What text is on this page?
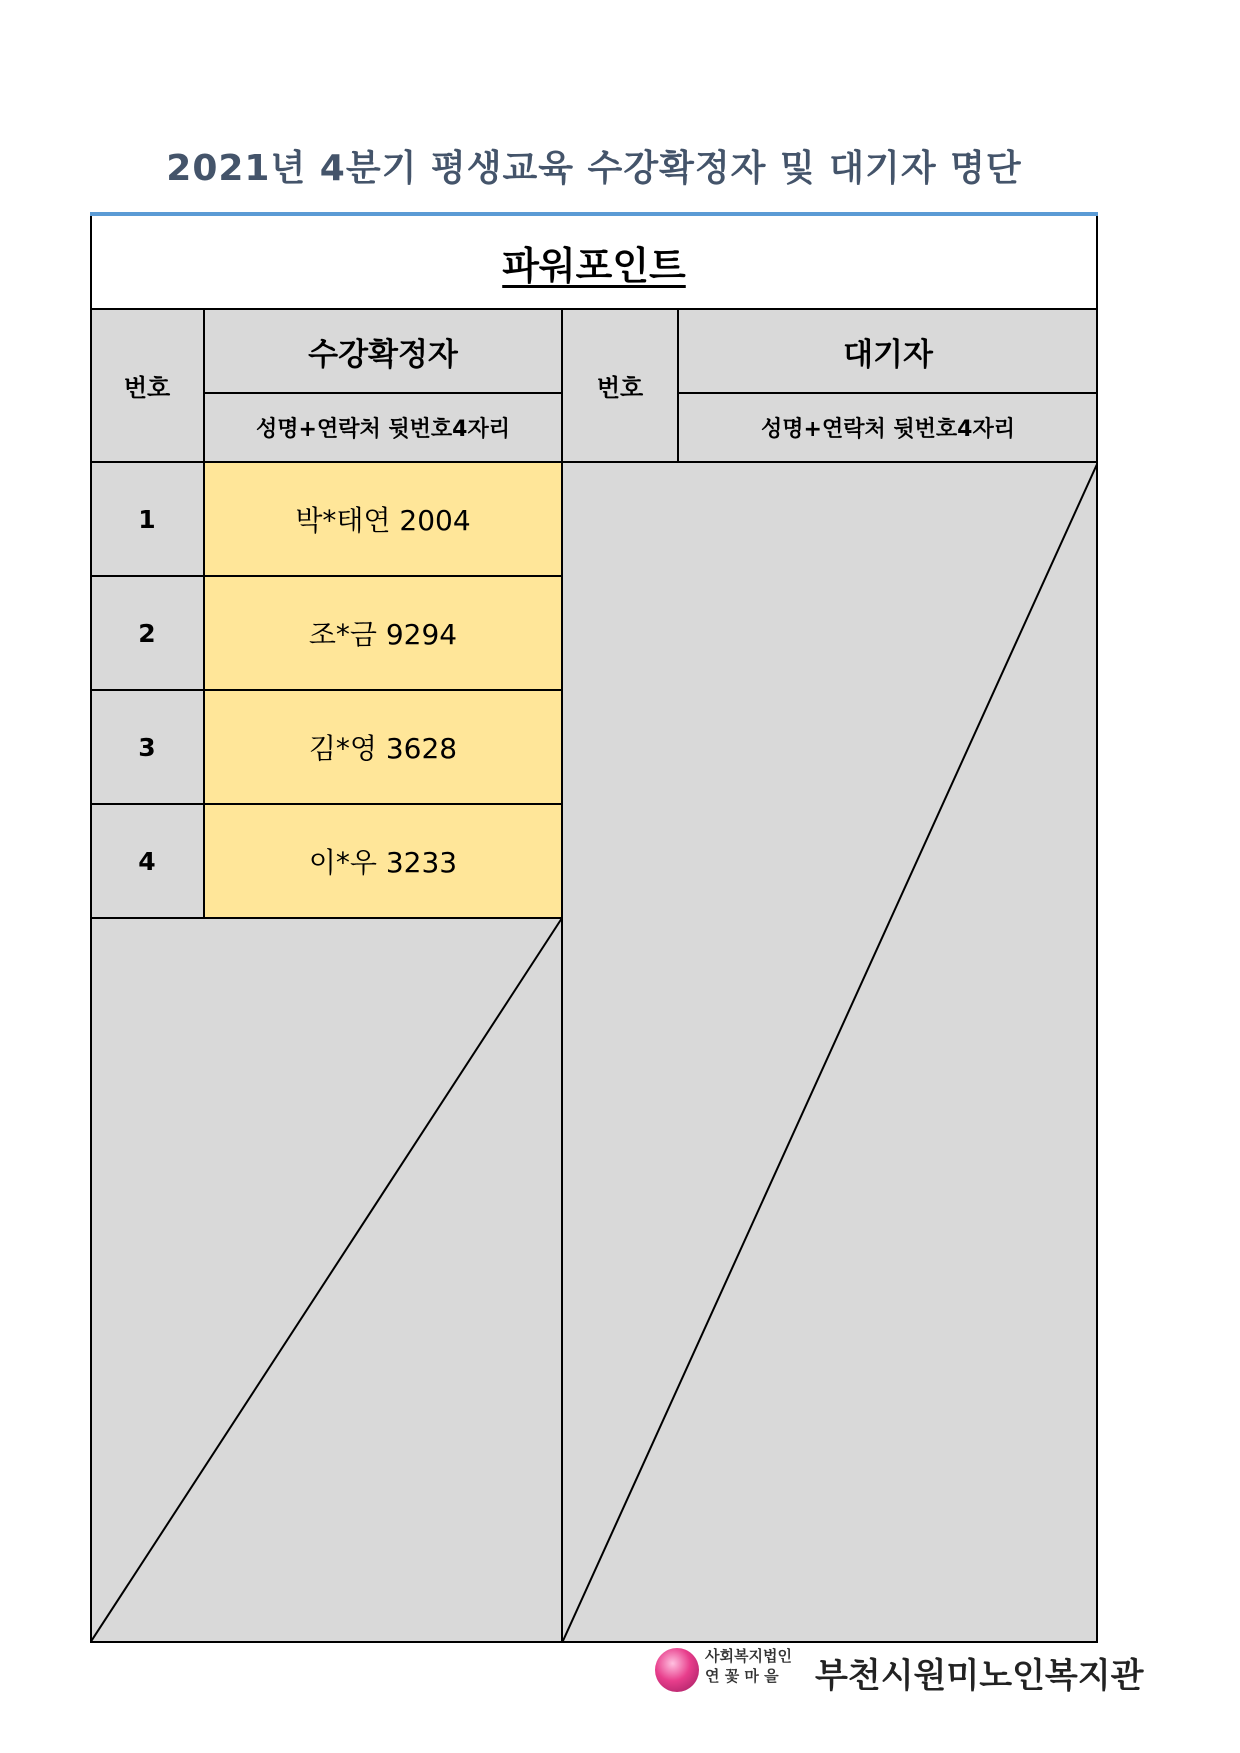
2021년 4분기 평생교육 수강확정자 및 대기자 명단
파워포인트
번호
수강확정자
성명+연락처 뒷번호4자리
번호
대기자
성명+연락처 뒷번호4자리
1	박*태연 2004
2	조*금 9294
3	김*영 3628
4	이*우 3233
사회복지법인
연 꽃 마 을	부천시원미노인복지관
